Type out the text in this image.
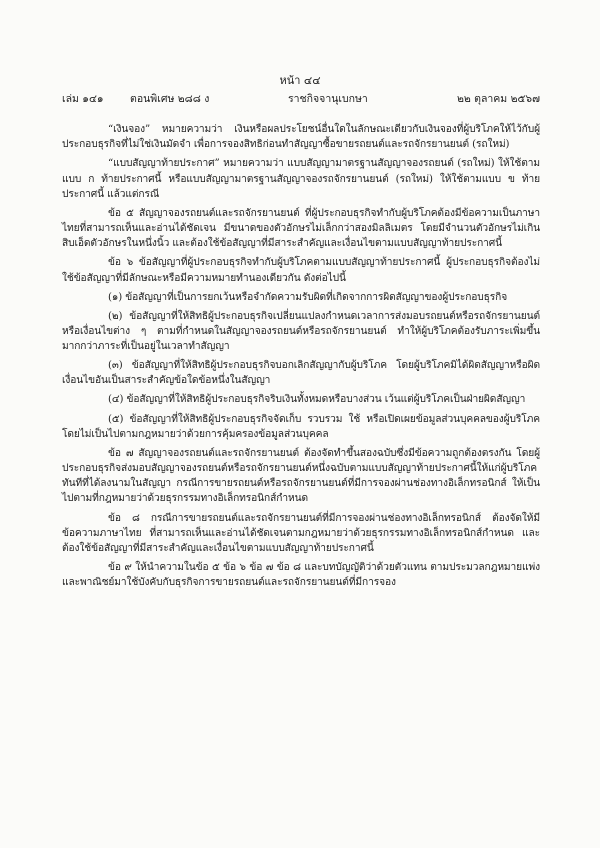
หน้า ๔๔
เล่ม ๑๔๑	ตอนพิเศษ ๒๘๘ ง	ราชกิจจานุเบกษา	๒๒ ตุลาคม ๒๕๖๗

“เงินจอง” หมายความว่า เงินหรือผลประโยชน์อื่นใดในลักษณะเดียวกับเงินจองที่ผู้บริโภคให้ไว้กับผู้ประกอบธุรกิจที่ไม่ใช่เงินมัดจำ เพื่อการจองสิทธิก่อนทำสัญญาซื้อขายรถยนต์และรถจักรยานยนต์ (รถใหม่)

“แบบสัญญาท้ายประกาศ” หมายความว่า แบบสัญญามาตรฐานสัญญาจองรถยนต์ (รถใหม่) ให้ใช้ตามแบบ ก ท้ายประกาศนี้ หรือแบบสัญญามาตรฐานสัญญาจองรถจักรยานยนต์ (รถใหม่) ให้ใช้ตามแบบ ข ท้ายประกาศนี้ แล้วแต่กรณี

ข้อ ๕ สัญญาจองรถยนต์และรถจักรยานยนต์ ที่ผู้ประกอบธุรกิจทำกับผู้บริโภคต้องมีข้อความเป็นภาษาไทยที่สามารถเห็นและอ่านได้ชัดเจน มีขนาดของตัวอักษรไม่เล็กกว่าสองมิลลิเมตร โดยมีจำนวนตัวอักษรไม่เกินสิบเอ็ดตัวอักษรในหนึ่งนิ้ว และต้องใช้ข้อสัญญาที่มีสาระสำคัญและเงื่อนไขตามแบบสัญญาท้ายประกาศนี้

ข้อ ๖ ข้อสัญญาที่ผู้ประกอบธุรกิจทำกับผู้บริโภคตามแบบสัญญาท้ายประกาศนี้ ผู้ประกอบธุรกิจต้องไม่ใช้ข้อสัญญาที่มีลักษณะหรือมีความหมายทำนองเดียวกัน ดังต่อไปนี้

(๑) ข้อสัญญาที่เป็นการยกเว้นหรือจำกัดความรับผิดที่เกิดจากการผิดสัญญาของผู้ประกอบธุรกิจ

(๒) ข้อสัญญาที่ให้สิทธิผู้ประกอบธุรกิจเปลี่ยนแปลงกำหนดเวลาการส่งมอบรถยนต์หรือรถจักรยานยนต์ หรือเงื่อนไขต่าง ๆ ตามที่กำหนดในสัญญาจองรถยนต์หรือรถจักรยานยนต์ ทำให้ผู้บริโภคต้องรับภาระเพิ่มขึ้นมากกว่าภาระที่เป็นอยู่ในเวลาทำสัญญา

(๓) ข้อสัญญาที่ให้สิทธิผู้ประกอบธุรกิจบอกเลิกสัญญากับผู้บริโภค โดยผู้บริโภคมิได้ผิดสัญญาหรือผิดเงื่อนไขอันเป็นสาระสำคัญข้อใดข้อหนึ่งในสัญญา

(๔) ข้อสัญญาที่ให้สิทธิผู้ประกอบธุรกิจริบเงินทั้งหมดหรือบางส่วน เว้นแต่ผู้บริโภคเป็นฝ่ายผิดสัญญา

(๕) ข้อสัญญาที่ให้สิทธิผู้ประกอบธุรกิจจัดเก็บ รวบรวม ใช้ หรือเปิดเผยข้อมูลส่วนบุคคลของผู้บริโภคโดยไม่เป็นไปตามกฎหมายว่าด้วยการคุ้มครองข้อมูลส่วนบุคคล

ข้อ ๗ สัญญาจองรถยนต์และรถจักรยานยนต์ ต้องจัดทำขึ้นสองฉบับซึ่งมีข้อความถูกต้องตรงกัน โดยผู้ประกอบธุรกิจส่งมอบสัญญาจองรถยนต์หรือรถจักรยานยนต์หนึ่งฉบับตามแบบสัญญาท้ายประกาศนี้ให้แก่ผู้บริโภคทันทีที่ได้ลงนามในสัญญา กรณีการขายรถยนต์หรือรถจักรยานยนต์ที่มีการจองผ่านช่องทางอิเล็กทรอนิกส์ ให้เป็นไปตามที่กฎหมายว่าด้วยธุรกรรมทางอิเล็กทรอนิกส์กำหนด

ข้อ ๘ กรณีการขายรถยนต์และรถจักรยานยนต์ที่มีการจองผ่านช่องทางอิเล็กทรอนิกส์ ต้องจัดให้มีข้อความภาษาไทย ที่สามารถเห็นและอ่านได้ชัดเจนตามกฎหมายว่าด้วยธุรกรรมทางอิเล็กทรอนิกส์กำหนด และต้องใช้ข้อสัญญาที่มีสาระสำคัญและเงื่อนไขตามแบบสัญญาท้ายประกาศนี้

ข้อ ๙ ให้นำความในข้อ ๕ ข้อ ๖ ข้อ ๗ ข้อ ๘ และบทบัญญัติว่าด้วยตัวแทน ตามประมวลกฎหมายแพ่งและพาณิชย์มาใช้บังคับกับธุรกิจการขายรถยนต์และรถจักรยานยนต์ที่มีการจอง
